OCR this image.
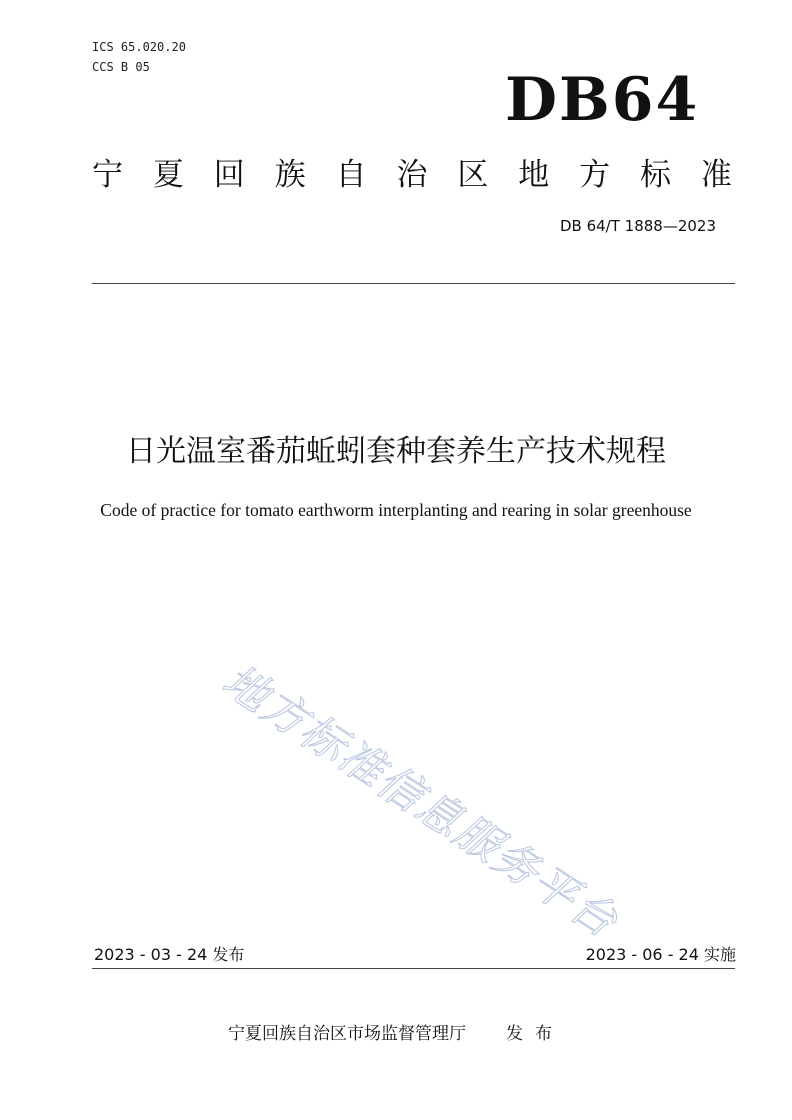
ICS 65.020.20
CCS B 05	DB64
宁 夏 回 族 自 治 区 地 方 标 准
DB 64/T 1888—2023
日光温室番茄蚯蚓套种套养生产技术规程
Code of practice for tomato earthworm interplanting and rearing in solar greenhouse
地方标准信息服务平台
2023 - 03 - 24 发布	2023 - 06 - 24 实施
宁夏回族自治区市场监督管理厅 发布
